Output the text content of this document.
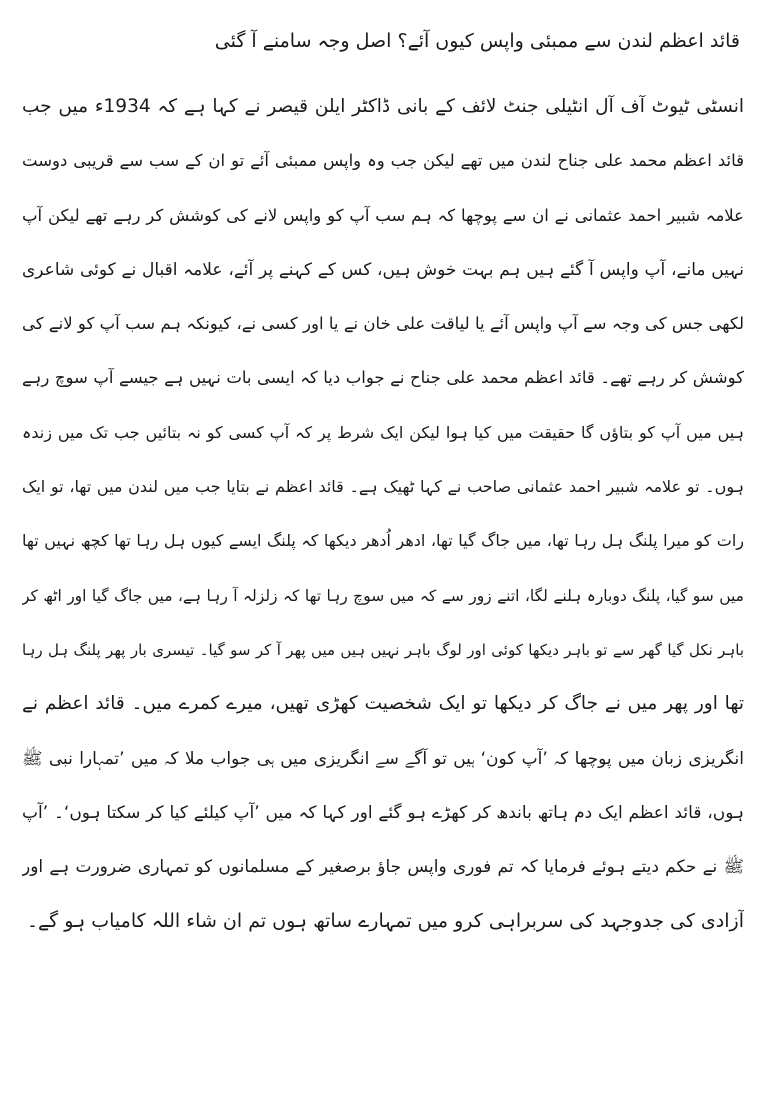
قائد اعظم لندن سے ممبئی واپس کیوں آئے؟ اصل وجہ سامنے آ گئی
انسٹی ٹیوٹ آف آل انٹیلی جنٹ لائف کے بانی ڈاکٹر ایلن قیصر نے کہا ہے کہ 1934ء میں جب
قائد اعظم محمد علی جناح لندن میں تھے لیکن جب وہ واپس ممبئی آئے تو ان کے سب سے قریبی دوست
علامہ شبیر احمد عثمانی نے ان سے پوچھا کہ ہم سب آپ کو واپس لانے کی کوشش کر رہے تھے لیکن آپ
نہیں مانے، آپ واپس آ گئے ہیں ہم بہت خوش ہیں، کس کے کہنے پر آئے، علامہ اقبال نے کوئی شاعری
لکھی جس کی وجہ سے آپ واپس آئے یا لیاقت علی خان نے یا اور کسی نے، کیونکہ ہم سب آپ کو لانے کی
کوشش کر رہے تھے۔ قائد اعظم محمد علی جناح نے جواب دیا کہ ایسی بات نہیں ہے جیسے آپ سوچ رہے
ہیں میں آپ کو بتاؤں گا حقیقت میں کیا ہوا لیکن ایک شرط پر کہ آپ کسی کو نہ بتائیں جب تک میں زندہ
ہوں۔ تو علامہ شبیر احمد عثمانی صاحب نے کہا ٹھیک ہے۔ قائد اعظم نے بتایا جب میں لندن میں تھا، تو ایک
رات کو میرا پلنگ ہل رہا تھا، میں جاگ گیا تھا، ادھر اُدھر دیکھا کہ پلنگ ایسے کیوں ہل رہا تھا کچھ نہیں تھا
میں سو گیا، پلنگ دوبارہ ہلنے لگا، اتنے زور سے کہ میں سوچ رہا تھا کہ زلزلہ آ رہا ہے، میں جاگ گیا اور اٹھ کر
باہر نکل گیا گھر سے تو باہر دیکھا کوئی اور لوگ باہر نہیں ہیں میں پھر آ کر سو گیا۔ تیسری بار پھر پلنگ ہل رہا
تھا اور پھر میں نے جاگ کر دیکھا تو ایک شخصیت کھڑی تھیں، میرے کمرے میں۔ قائد اعظم نے
انگریزی زبان میں پوچھا کہ ’آپ کون‘ ہیں تو آگے سے انگریزی میں ہی جواب ملا کہ میں ’تمہارا نبی ﷺ
ہوں، قائد اعظم ایک دم ہاتھ باندھ کر کھڑے ہو گئے اور کہا کہ میں ’آپ کیلئے کیا کر سکتا ہوں‘۔ ’آپ
ﷺ نے حکم دیتے ہوئے فرمایا کہ تم فوری واپس جاؤ برصغیر کے مسلمانوں کو تمہاری ضرورت ہے اور
آزادی کی جدوجہد کی سربراہی کرو میں تمہارے ساتھ ہوں تم ان شاء اللہ کامیاب ہو گے۔
